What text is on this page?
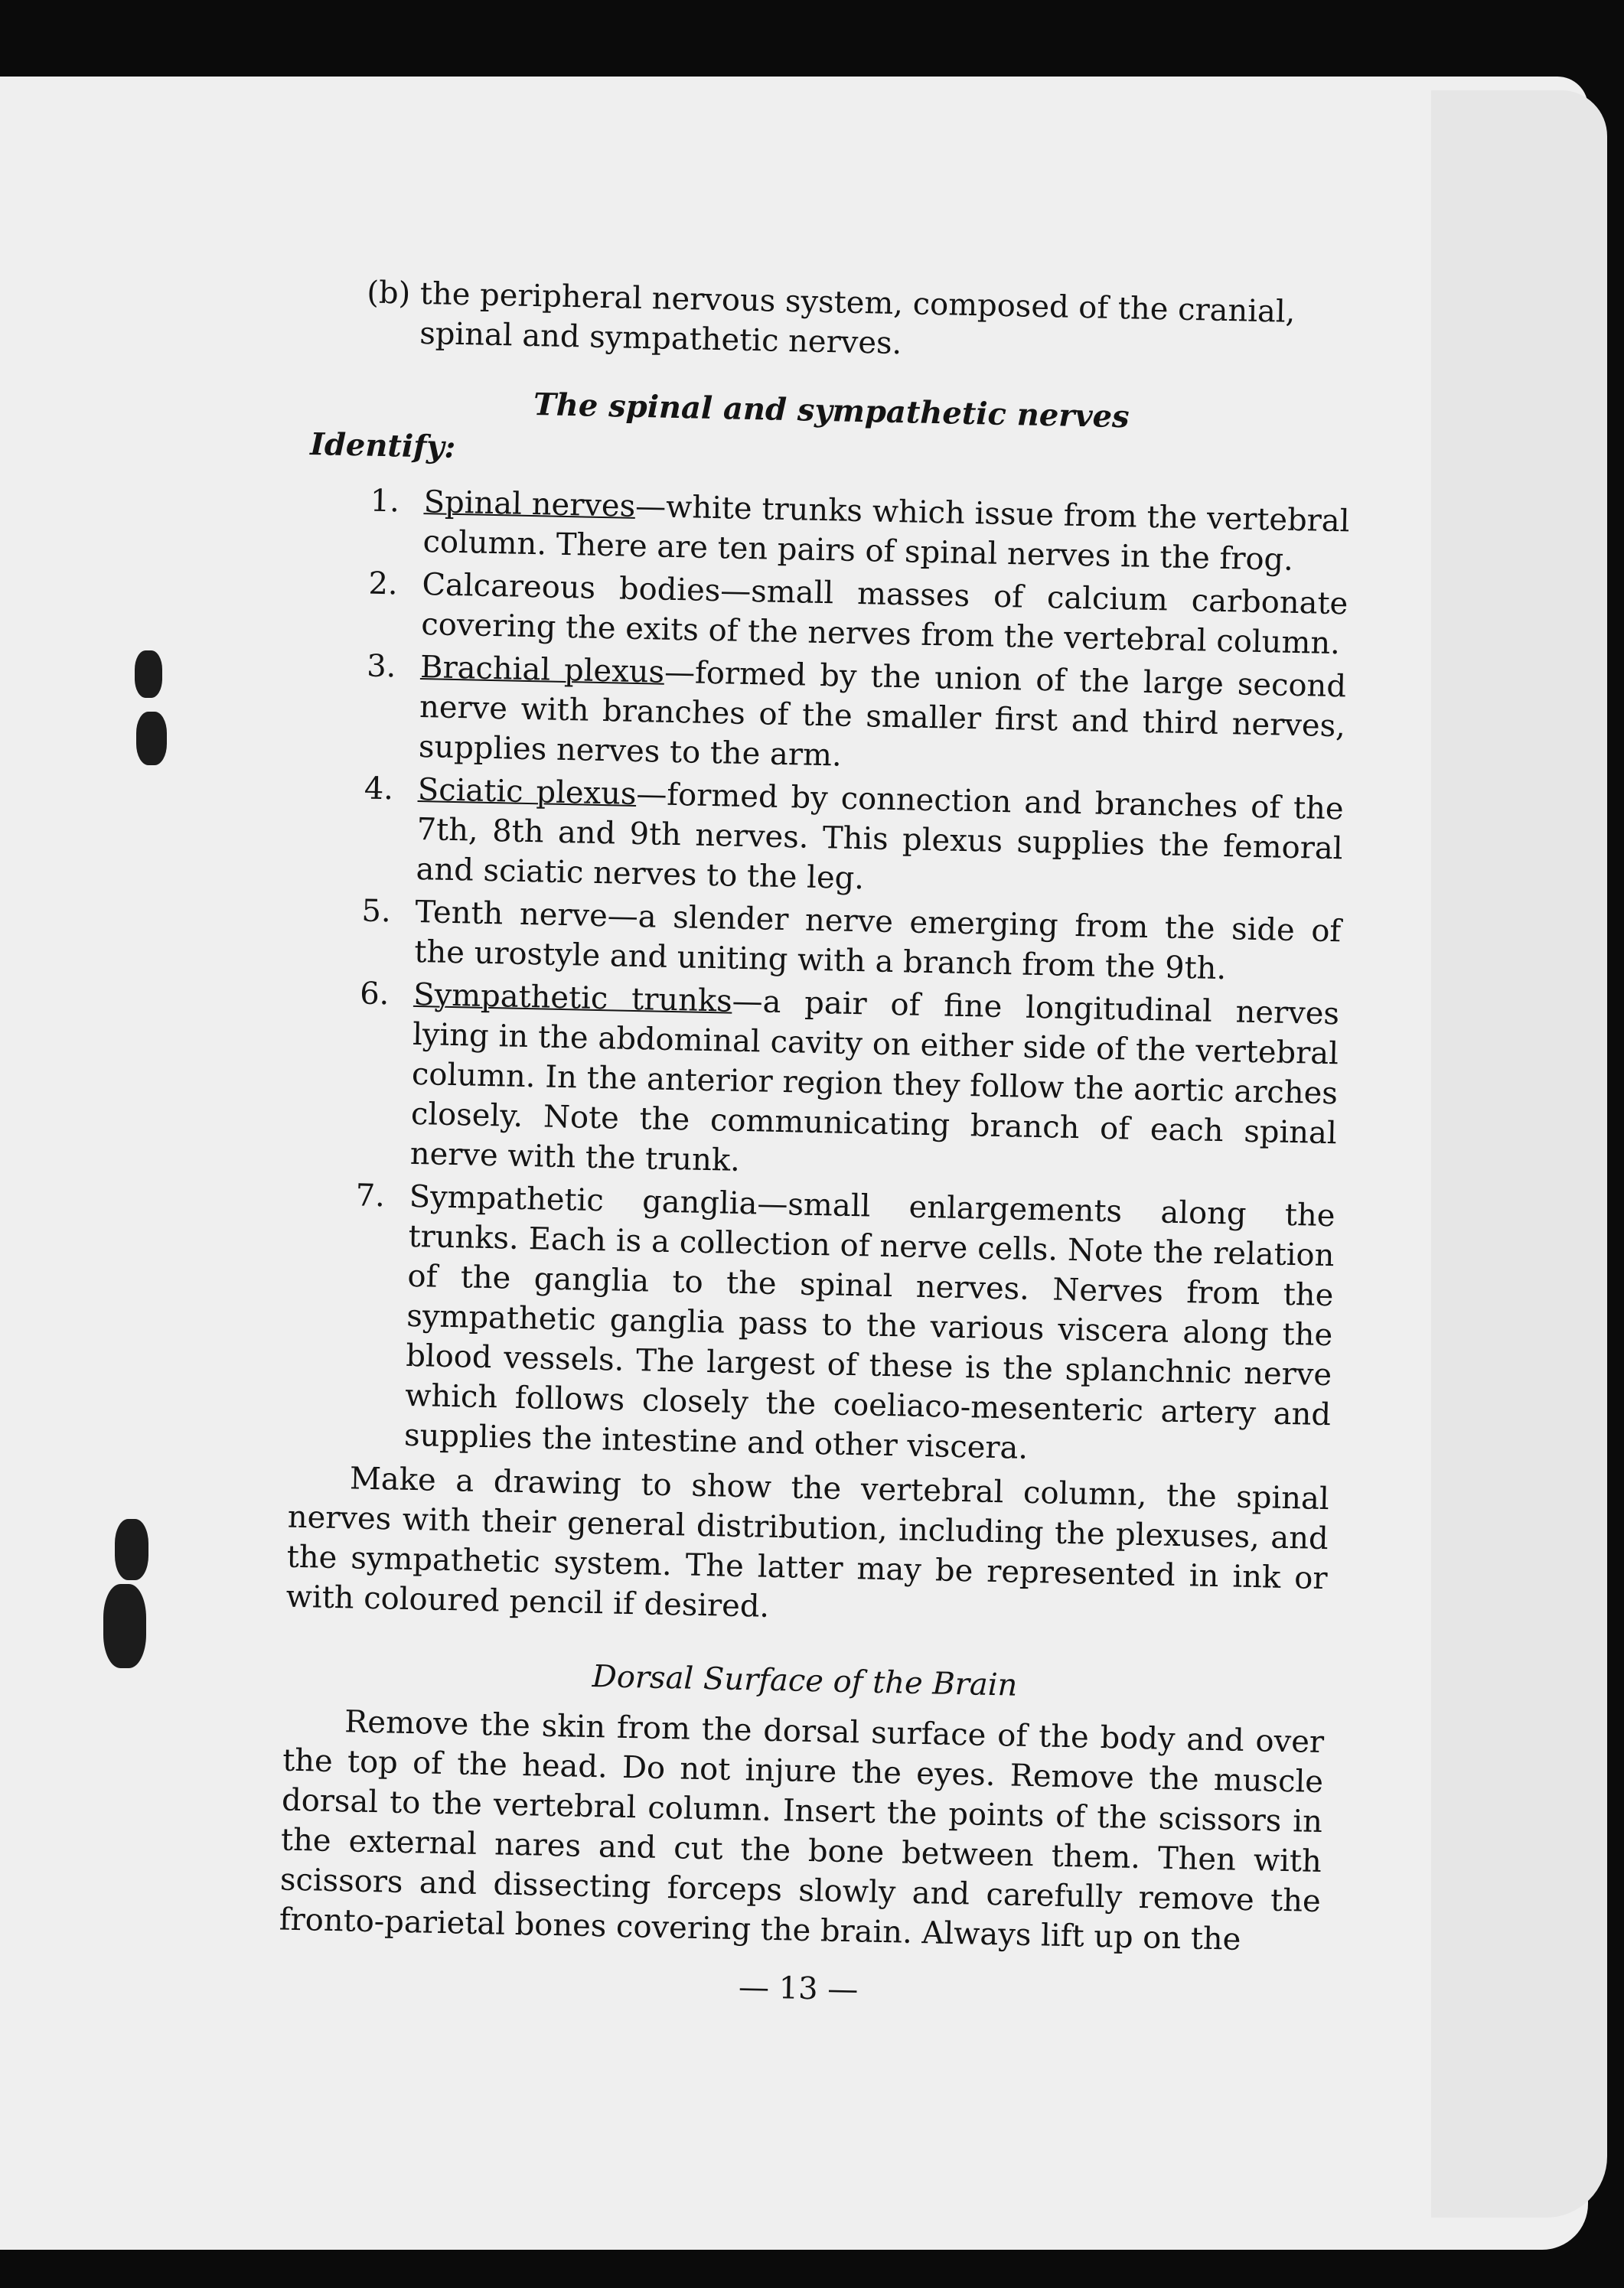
(b) the peripheral nervous system, composed of the cranial, spinal and sympathetic nerves.

The spinal and sympathetic nerves
Identify:
1. Spinal nerves—white trunks which issue from the vertebral column. There are ten pairs of spinal nerves in the frog.
2. Calcareous bodies—small masses of calcium carbonate covering the exits of the nerves from the vertebral column.
3. Brachial plexus—formed by the union of the large second nerve with branches of the smaller first and third nerves, supplies nerves to the arm.
4. Sciatic plexus—formed by connection and branches of the 7th, 8th and 9th nerves. This plexus supplies the femoral and sciatic nerves to the leg.
5. Tenth nerve—a slender nerve emerging from the side of the urostyle and uniting with a branch from the 9th.
6. Sympathetic trunks—a pair of fine longitudinal nerves lying in the abdominal cavity on either side of the vertebral column. In the anterior region they follow the aortic arches closely. Note the communicating branch of each spinal nerve with the trunk.
7. Sympathetic ganglia—small enlargements along the trunks. Each is a collection of nerve cells. Note the relation of the ganglia to the spinal nerves. Nerves from the sympathetic ganglia pass to the various viscera along the blood vessels. The largest of these is the splanchnic nerve which follows closely the coeliaco-mesenteric artery and supplies the intestine and other viscera.

Make a drawing to show the vertebral column, the spinal nerves with their general distribution, including the plexuses, and the sympathetic system. The latter may be represented in ink or with coloured pencil if desired.

Dorsal Surface of the Brain

Remove the skin from the dorsal surface of the body and over the top of the head. Do not injure the eyes. Remove the muscle dorsal to the vertebral column. Insert the points of the scissors in the external nares and cut the bone between them. Then with scissors and dissecting forceps slowly and carefully remove the fronto-parietal bones covering the brain. Always lift up on the

— 13 —
